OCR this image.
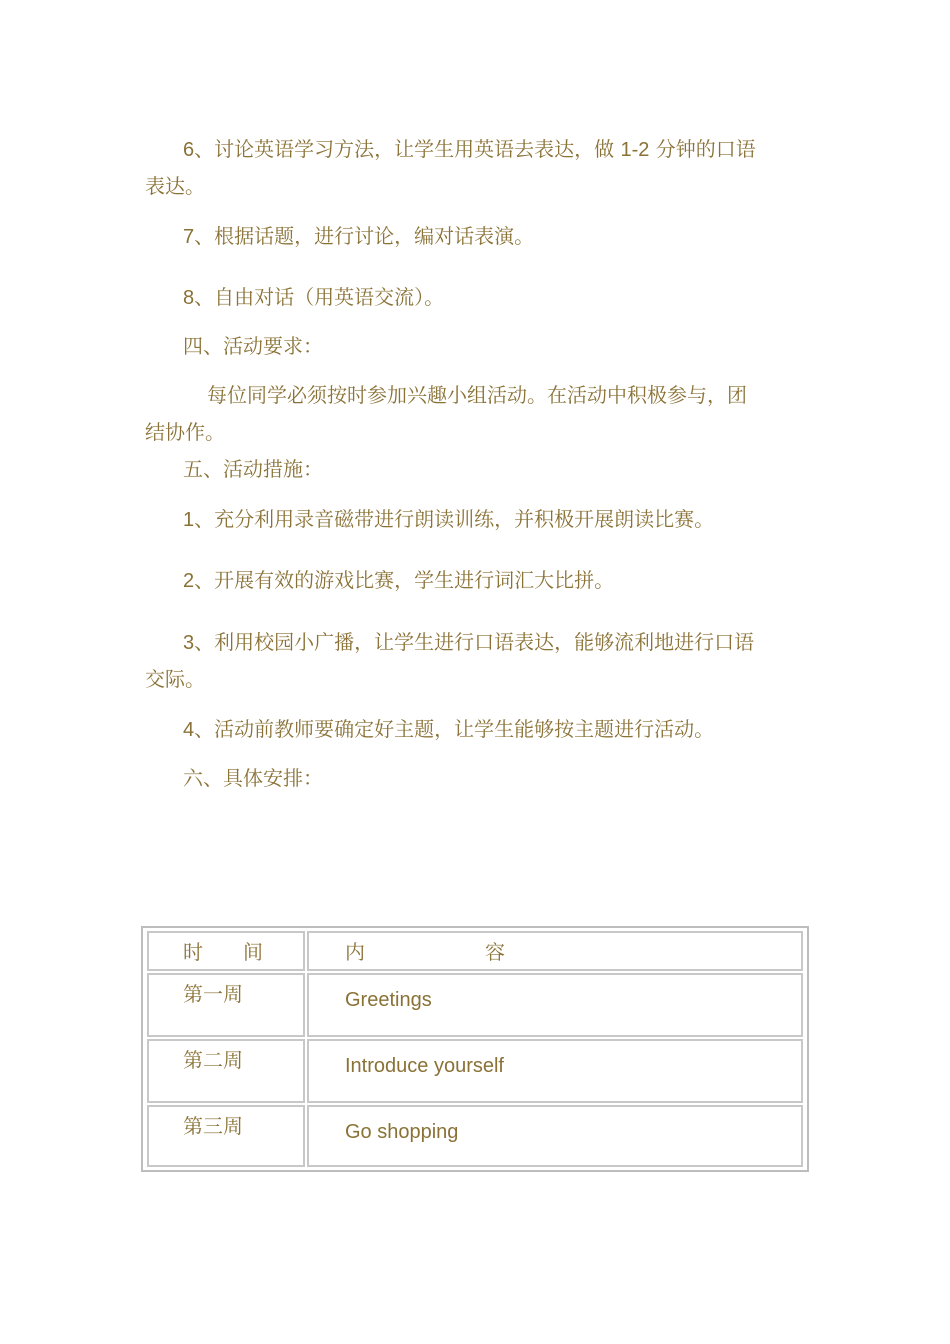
6、讨论英语学习方法，让学生用英语去表达，做 1-2 分钟的口语
表达。
7、根据话题，进行讨论，编对话表演。
8、自由对话（用英语交流）。
四、活动要求：
每位同学必须按时参加兴趣小组活动。在活动中积极参与，团
结协作。
五、活动措施：
1、充分利用录音磁带进行朗读训练，并积极开展朗读比赛。
2、开展有效的游戏比赛，学生进行词汇大比拼。
3、利用校园小广播，让学生进行口语表达，能够流利地进行口语
交际。
4、活动前教师要确定好主题，让学生能够按主题进行活动。
六、具体安排：
时　　间	内　　　　　　容
第一周	Greetings
第二周	Introduce yourself
第三周	Go shopping
